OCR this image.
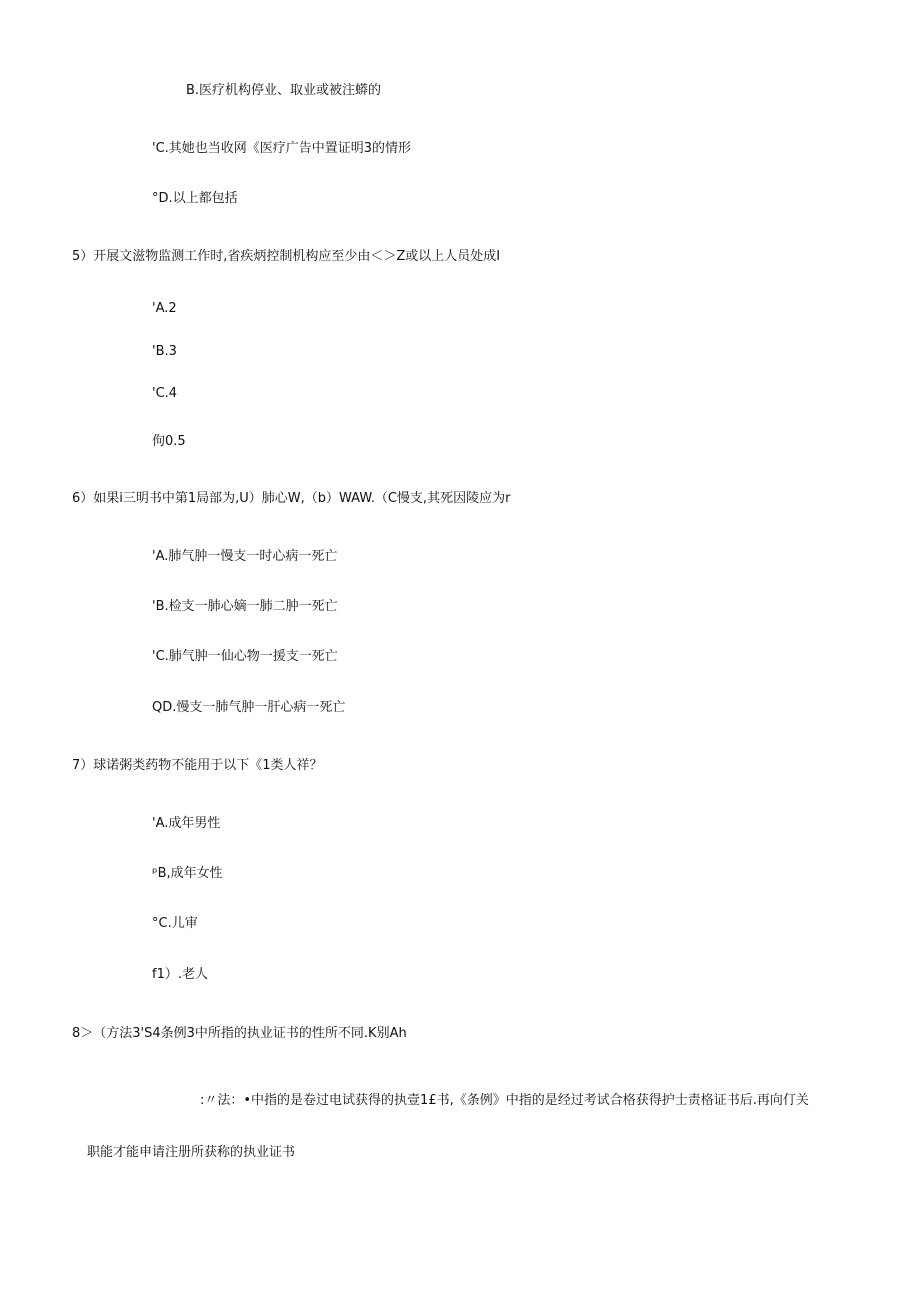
B.医疗机构停业、取业或被注蟒的
'C.其她也当收网《医疗广告中置证明3的情形
°D.以上都包括
5）开展文滋物监测工作时,省疾炳控制机构应至少由＜＞Z或以上人员处成I
'A.2
'B.3
'C.4
佝0.5
6）如果i三明书中第1局部为,U）肺心W,（b）WAW.（C慢支,其死因陵应为r
'A.肺气肿一慢支一时心病一死亡
'B.检支一肺心嫡一肺二肿一死亡
'C.肺气肿一仙心物一援支一死亡
QD.慢支一肺气肿一肝心病一死亡
7）球诺粥类药物不能用于以下《1类人祥？
'A.成年男性
ᵖB,成年女性
°C.儿审
f1）.老人
8＞（方法3'S4条例3中所指的执业证书的性所不同.K别Ah
:〃法：•中指的是卷过电试获得的执壹1£书,《条例》中指的是经过考试合格获得护士责格证书后.再向仃关
职能才能申请注册所获称的执业证书
